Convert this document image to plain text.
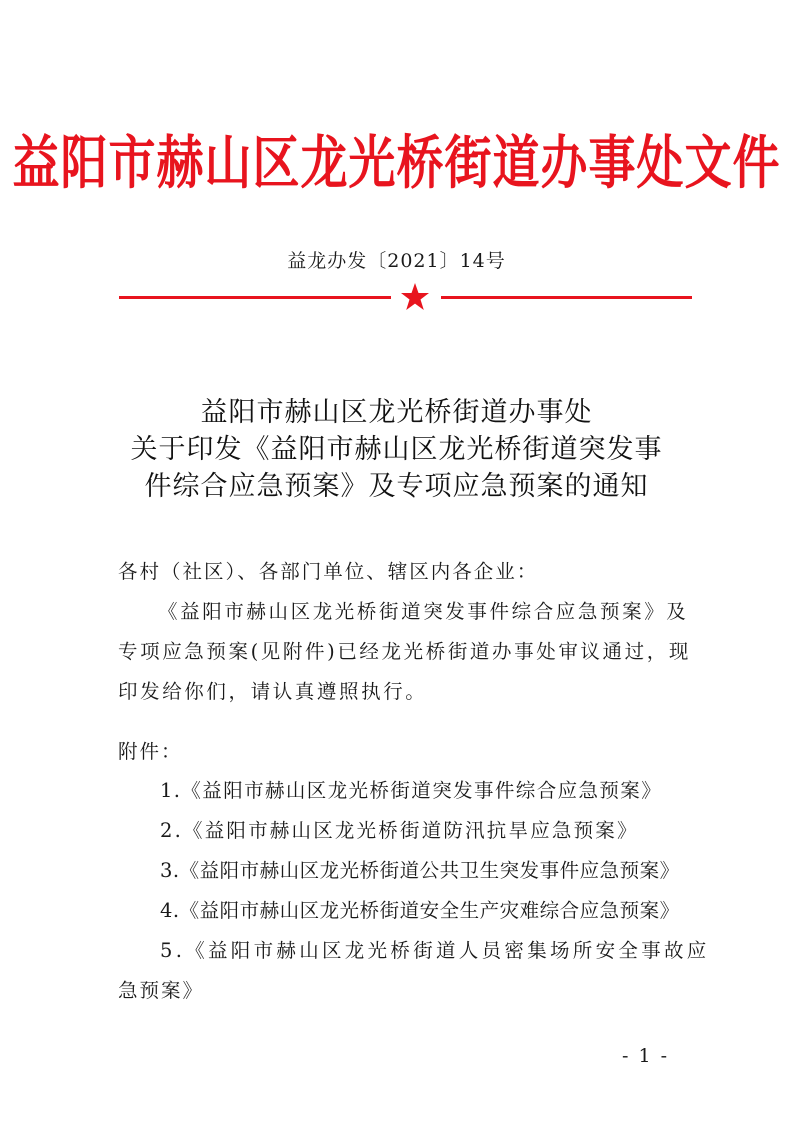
益阳市赫山区龙光桥街道办事处文件
益龙办发〔2021〕14号
益阳市赫山区龙光桥街道办事处
关于印发《益阳市赫山区龙光桥街道突发事
件综合应急预案》及专项应急预案的通知
各村（社区）、各部门单位、辖区内各企业：
《益阳市赫山区龙光桥街道突发事件综合应急预案》及
专项应急预案(见附件)已经龙光桥街道办事处审议通过，现
印发给你们，请认真遵照执行。
附件：
1.《益阳市赫山区龙光桥街道突发事件综合应急预案》
2.《益阳市赫山区龙光桥街道防汛抗旱应急预案》
3.《益阳市赫山区龙光桥街道公共卫生突发事件应急预案》
4.《益阳市赫山区龙光桥街道安全生产灾难综合应急预案》
5.《益阳市赫山区龙光桥街道人员密集场所安全事故应
急预案》
- 1 -
